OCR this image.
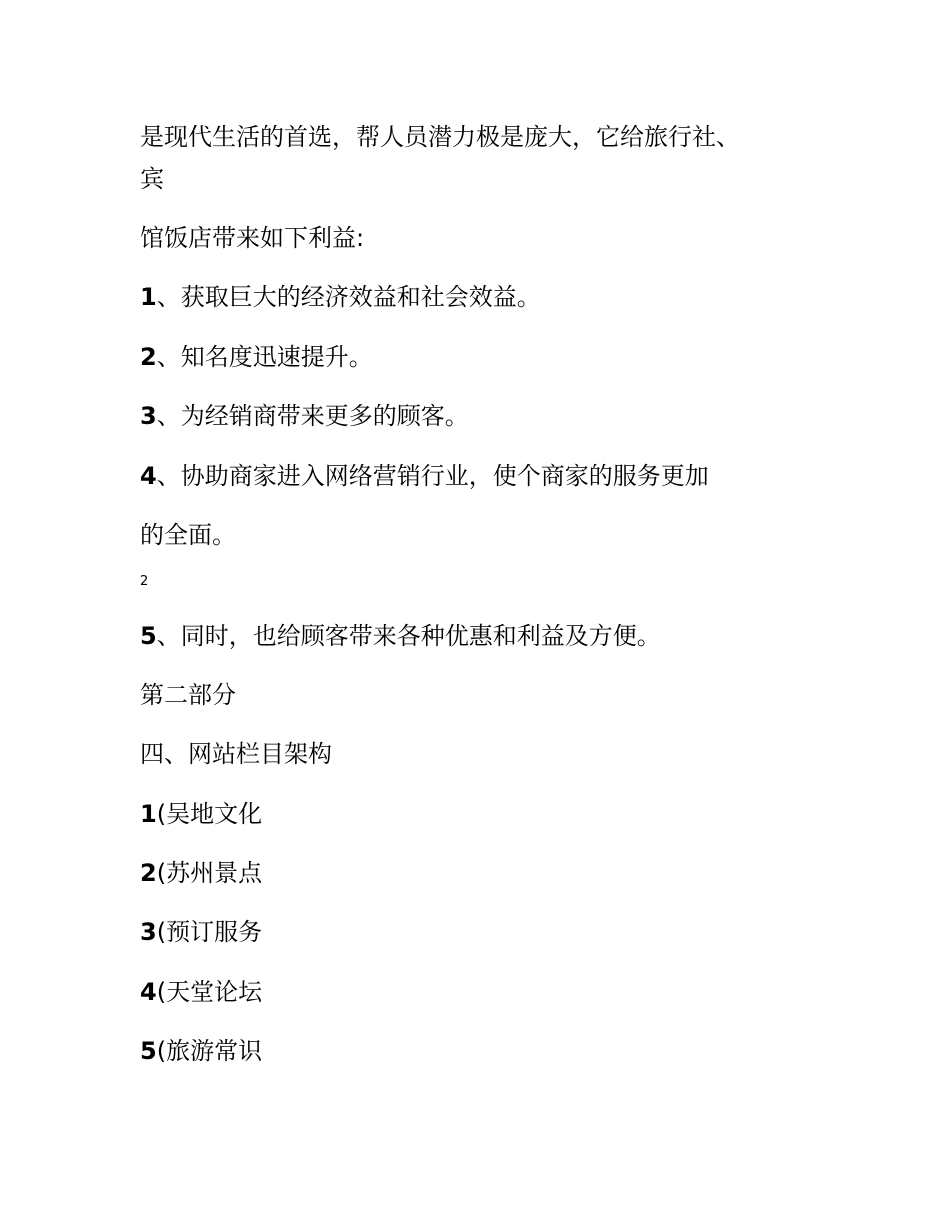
是现代生活的首选，帮人员潜力极是庞大，它给旅行社、
宾
馆饭店带来如下利益:
1、获取巨大的经济效益和社会效益。
2、知名度迅速提升。
3、为经销商带来更多的顾客。
4、协助商家进入网络营销行业，使个商家的服务更加
的全面。
2
5、同时，也给顾客带来各种优惠和利益及方便。
第二部分
四、网站栏目架构
1(吴地文化
2(苏州景点
3(预订服务
4(天堂论坛
5(旅游常识
